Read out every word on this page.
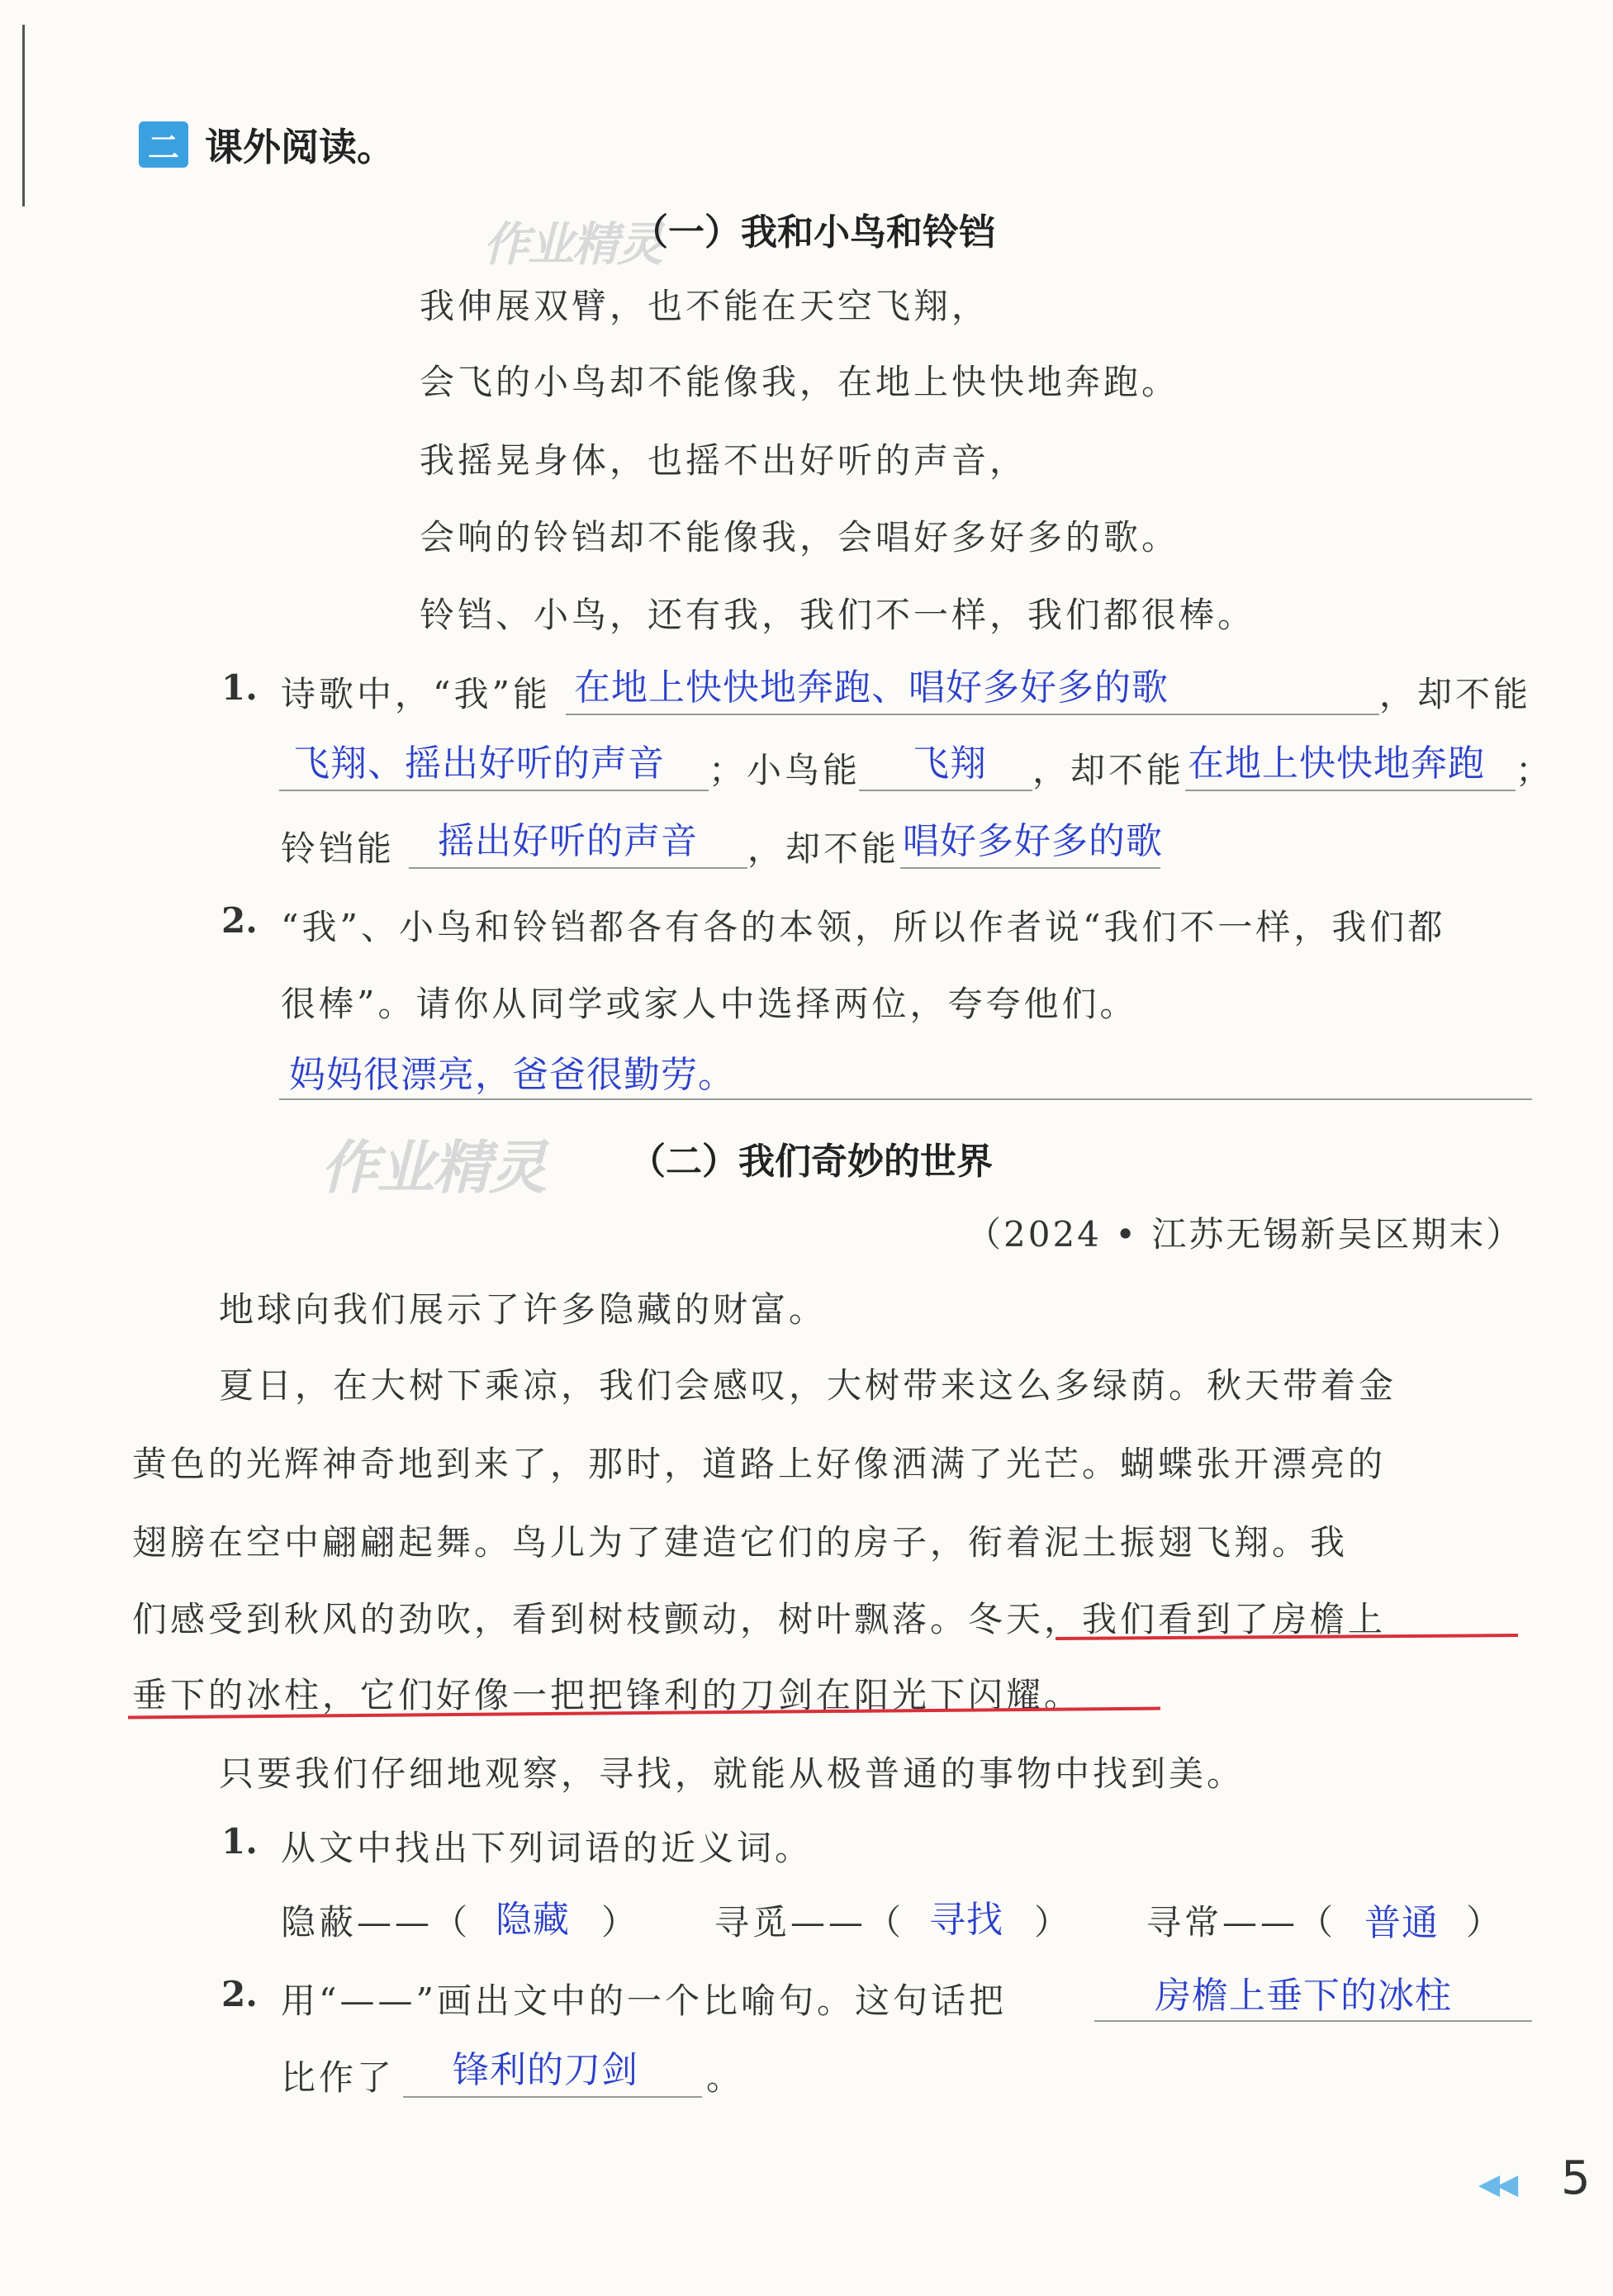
二 课外阅读。
作业精灵
（一）我和小鸟和铃铛
我伸展双臂，也不能在天空飞翔，
会飞的小鸟却不能像我，在地上快快地奔跑。
我摇晃身体，也摇不出好听的声音，
会响的铃铛却不能像我，会唱好多好多的歌。
铃铛、小鸟，还有我，我们不一样，我们都很棒。
1. 诗歌中，“我”能 在地上快快地奔跑、唱好多好多的歌	，却不能
飞翔、摇出好听的声音 ；小鸟能 飞翔 ，却不能 在地上快快地奔跑 ；
铃铛能 摇出好听的声音 ，却不能 唱好多好多的歌
2. “我”、小鸟和铃铛都各有各的本领，所以作者说“我们不一样，我们都
很棒”。请你从同学或家人中选择两位，夸夸他们。
妈妈很漂亮，爸爸很勤劳。
作业精灵 （二）我们奇妙的世界
（2024 • 江苏无锡新吴区期末）
地球向我们展示了许多隐藏的财富。
夏日，在大树下乘凉，我们会感叹，大树带来这么多绿荫。秋天带着金
黄色的光辉神奇地到来了，那时，道路上好像洒满了光芒。蝴蝶张开漂亮的
翅膀在空中翩翩起舞。鸟儿为了建造它们的房子，衔着泥土振翅飞翔。我
们感受到秋风的劲吹，看到树枝颤动，树叶飘落。冬天，我们看到了房檐上
垂下的冰柱，它们好像一把把锋利的刀剑在阳光下闪耀。
只要我们仔细地观察，寻找，就能从极普通的事物中找到美。
1. 从文中找出下列词语的近义词。
隐蔽——（ 隐藏 ） 寻觅——（ 寻找 ） 寻常——（ 普通 ）
2. 用“——”画出文中的一个比喻句。这句话把	房檐上垂下的冰柱
比作了 锋利的刀剑 。
◀◀ 5
